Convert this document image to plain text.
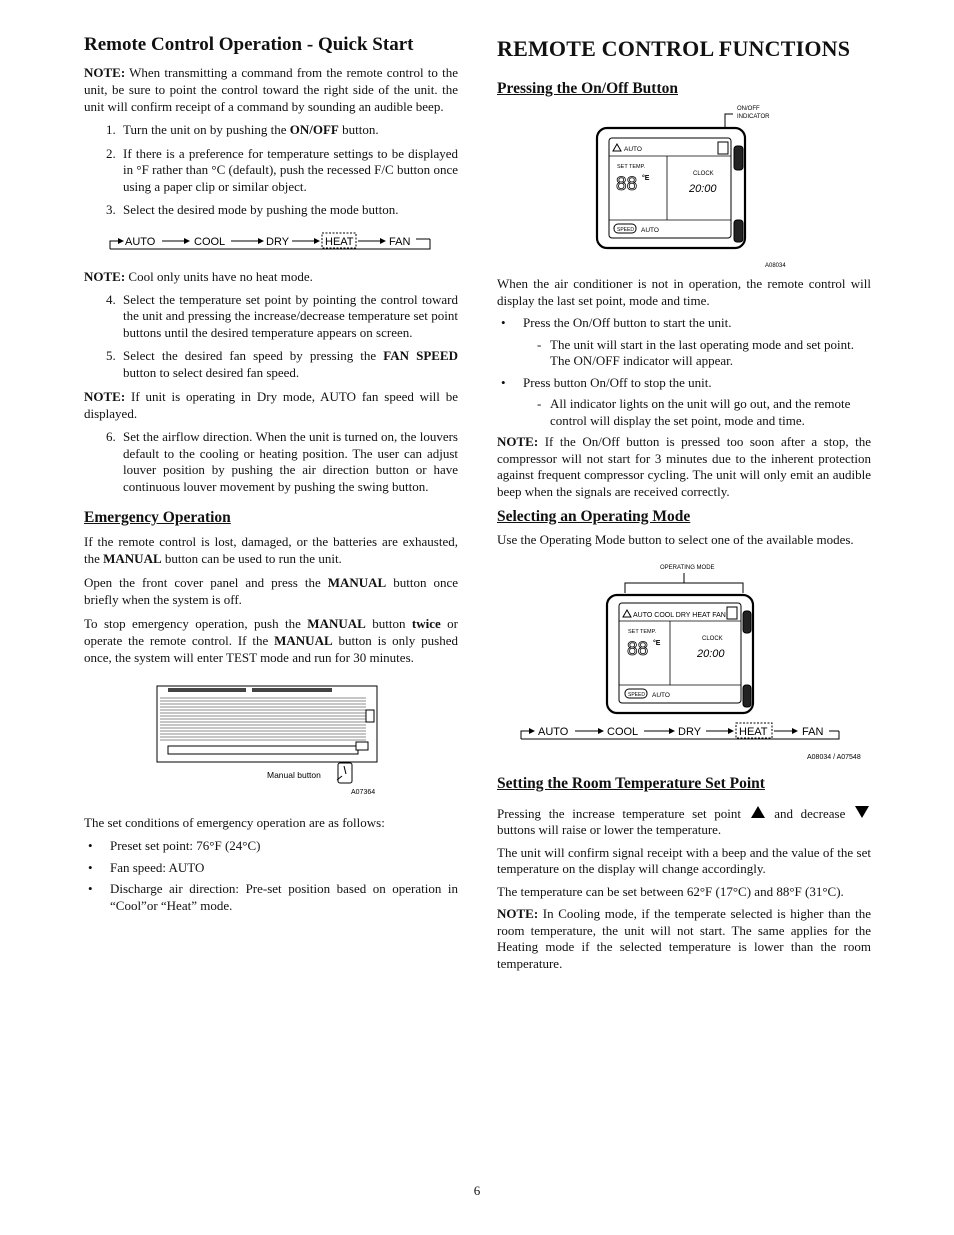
Remote Control Operation - Quick Start

NOTE: When transmitting a command from the remote control to the unit, be sure to point the control toward the right side of the unit. the unit will confirm receipt of a command by sounding an audible beep.

1. Turn the unit on by pushing the ON/OFF button.
2. If there is a preference for temperature settings to be displayed in °F rather than °C (default), push the recessed F/C button once using a paper clip or similar object.
3. Select the desired mode by pushing the mode button.
AUTO	COOL	DRY	HEAT	FAN

NOTE: Cool only units have no heat mode.

4. Select the temperature set point by pointing the control toward the unit and pressing the increase/decrease temperature set point buttons until the desired temperature appears on screen.
5. Select the desired fan speed by pressing the FAN SPEED button to select desired fan speed.

NOTE: If unit is operating in Dry mode, AUTO fan speed will be displayed.

6. Set the airflow direction. When the unit is turned on, the louvers default to the cooling or heating position. The user can adjust louver position by pushing the air direction button or have continuous louver movement by pushing the swing button.
Emergency Operation

If the remote control is lost, damaged, or the batteries are exhausted, the MANUAL button can be used to run the unit.

Open the front cover panel and press the MANUAL button once briefly when the system is off.

To stop emergency operation, push the MANUAL button twice or operate the remote control. If the MANUAL button is only pushed once, the system will enter TEST mode and run for 30 minutes.

Manual button
A07364

The set conditions of emergency operation are as follows:

•	Preset set point: 76°F (24°C)
•	Fan speed: AUTO
•	Discharge air direction: Pre-set position based on operation in “Cool”or “Heat” mode.
REMOTE CONTROL FUNCTIONS
Pressing the On/Off Button
ON/OFF
INDICATOR
AUTO
SET TEMP.
88 °E
CLOCK
20:00
SPEED AUTO
A08034

When the air conditioner is not in operation, the remote control will display the last set point, mode and time.

•	Press the On/Off button to start the unit.
- The unit will start in the last operating mode and set point. The ON/OFF indicator will appear.
•	Press button On/Off to stop the unit.
- All indicator lights on the unit will go out, and the remote control will display the set point, mode and time.

NOTE: If the On/Off button is pressed too soon after a stop, the compressor will not start for 3 minutes due to the inherent protection against frequent compressor cycling. The unit will only emit an audible beep when the signals are received correctly.

Selecting an Operating Mode

Use the Operating Mode button to select one of the available modes.

OPERATING MODE
AUTO COOL DRY HEAT FAN
SET TEMP.
88 °E
CLOCK
20:00
SPEED AUTO
AUTO	COOL	DRY	HEAT	FAN
A08034 / A07548
Setting the Room Temperature Set Point

Pressing the increase temperature set point	and decrease  buttons will raise or lower the temperature.

The unit will confirm signal receipt with a beep and the value of the set temperature on the display will change accordingly.

The temperature can be set between 62°F (17°C) and 88°F (31°C).

NOTE: In Cooling mode, if the temperate selected is higher than the room temperature, the unit will not start. The same applies for the Heating mode if the selected temperature is lower than the room temperature.

6
